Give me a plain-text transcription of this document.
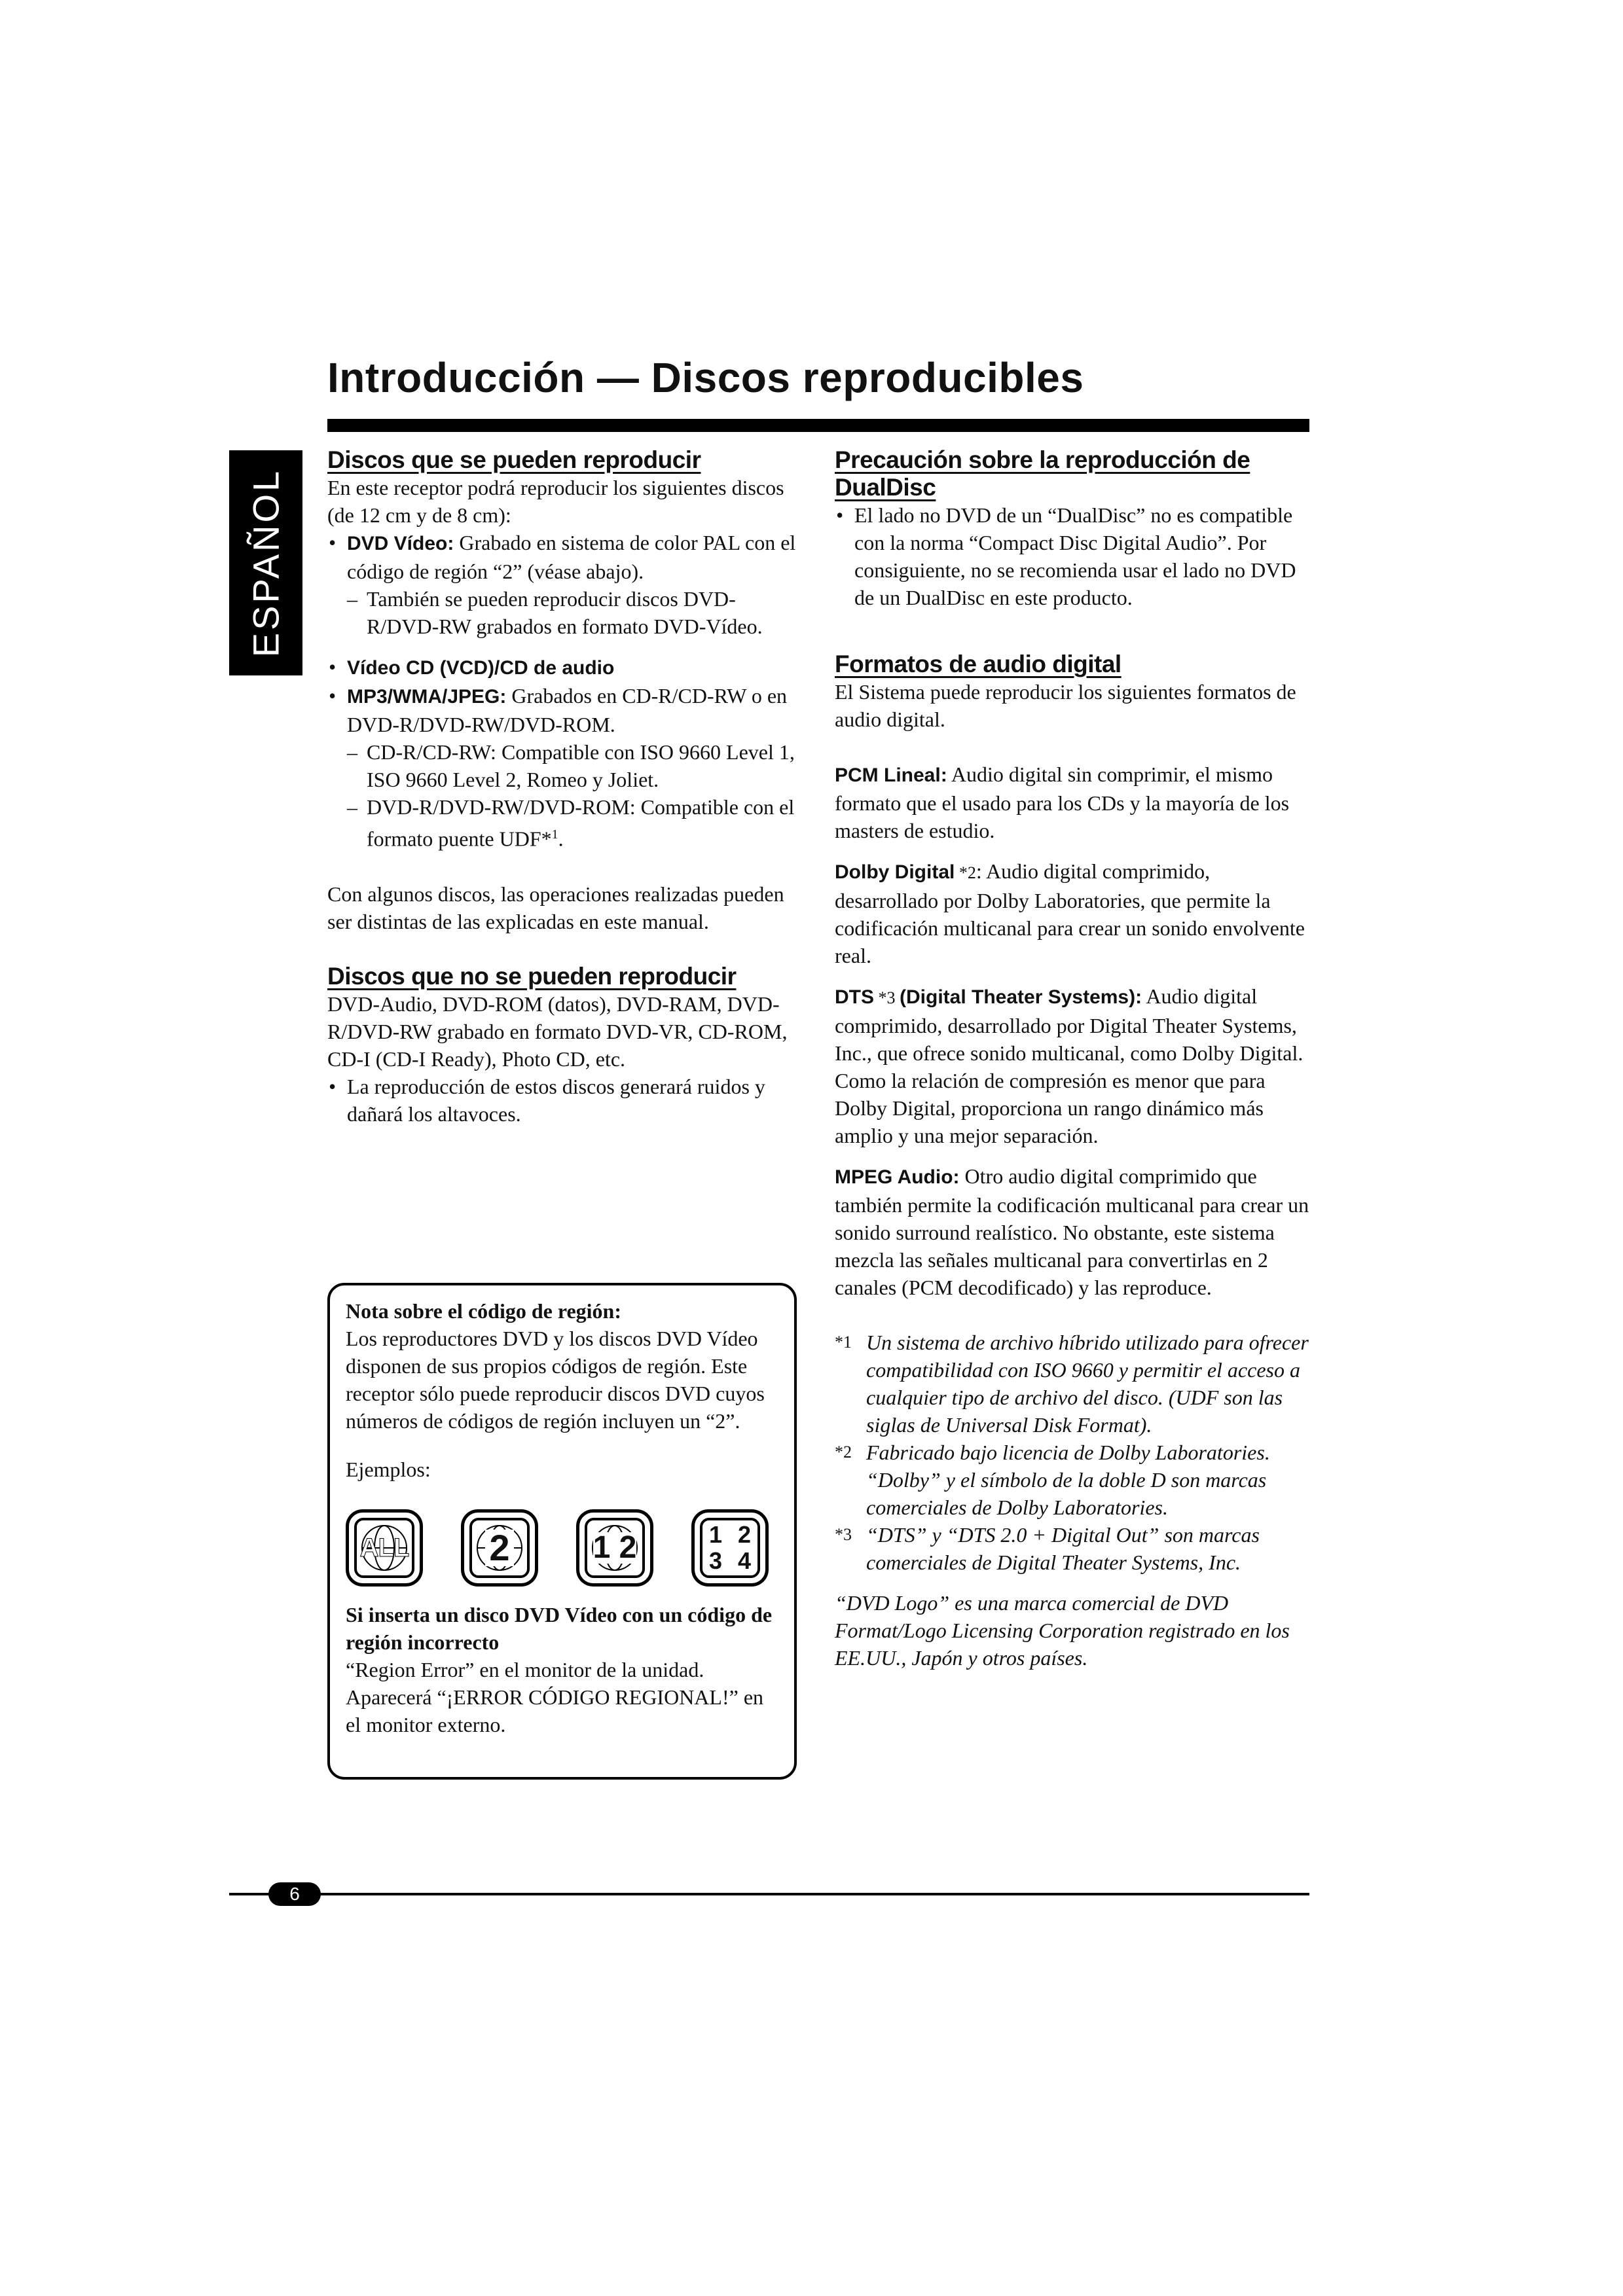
Introducción — Discos reproducibles
ESPAÑOL

Discos que se pueden reproducir

En este receptor podrá reproducir los siguientes discos (de 12 cm y de 8 cm):

• DVD Vídeo: Grabado en sistema de color PAL con el código de región “2” (véase abajo).

– También se pueden reproducir discos DVD-R/DVD-RW grabados en formato DVD-Vídeo.

• Vídeo CD (VCD)/CD de audio

• MP3/WMA/JPEG: Grabados en CD-R/CD-RW o en DVD-R/DVD-RW/DVD-ROM.

– CD-R/CD-RW: Compatible con ISO 9660 Level 1, ISO 9660 Level 2, Romeo y Joliet.

– DVD-R/DVD-RW/DVD-ROM: Compatible con el formato puente UDF*$^1$.

Con algunos discos, las operaciones realizadas pueden ser distintas de las explicadas en este manual.

Discos que no se pueden reproducir

DVD-Audio, DVD-ROM (datos), DVD-RAM, DVD-R/DVD-RW grabado en formato DVD-VR, CD-ROM, CD-I (CD-I Ready), Photo CD, etc.

• La reproducción de estos discos generará ruidos y dañará los altavoces.

Nota sobre el código de región:

Los reproductores DVD y los discos DVD Vídeo disponen de sus propios códigos de región. Este receptor sólo puede reproducir discos DVD cuyos números de códigos de región incluyen un “2”.

Ejemplos:

ALL 2	1 2	1 2 3 4

Si inserta un disco DVD Vídeo con un código de región incorrecto

“Region Error” en el monitor de la unidad. Aparecerá “¡ERROR CÓDIGO REGIONAL!” en el monitor externo.

Precaución sobre la reproducción de DualDisc

• El lado no DVD de un “DualDisc” no es compatible con la norma “Compact Disc Digital Audio”. Por consiguiente, no se recomienda usar el lado no DVD de un DualDisc en este producto.

Formatos de audio digital

El Sistema puede reproducir los siguientes formatos de audio digital.

PCM Lineal: Audio digital sin comprimir, el mismo formato que el usado para los CDs y la mayoría de los masters de estudio.

Dolby Digital *2: Audio digital comprimido, desarrollado por Dolby Laboratories, que permite la codificación multicanal para crear un sonido envolvente real.

DTS *3 (Digital Theater Systems): Audio digital comprimido, desarrollado por Digital Theater Systems, Inc., que ofrece sonido multicanal, como Dolby Digital. Como la relación de compresión es menor que para Dolby Digital, proporciona un rango dinámico más amplio y una mejor separación.

MPEG Audio: Otro audio digital comprimido que también permite la codificación multicanal para crear un sonido surround realístico. No obstante, este sistema mezcla las señales multicanal para convertirlas en 2 canales (PCM decodificado) y las reproduce.

*1 Un sistema de archivo híbrido utilizado para ofrecer compatibilidad con ISO 9660 y permitir el acceso a cualquier tipo de archivo del disco. (UDF son las siglas de Universal Disk Format).

*2 Fabricado bajo licencia de Dolby Laboratories. “Dolby” y el símbolo de la doble D son marcas comerciales de Dolby Laboratories.

*3 “DTS” y “DTS 2.0 + Digital Out” son marcas comerciales de Digital Theater Systems, Inc.

“DVD Logo” es una marca comercial de DVD Format/Logo Licensing Corporation registrado en los EE.UU., Japón y otros países.

6
